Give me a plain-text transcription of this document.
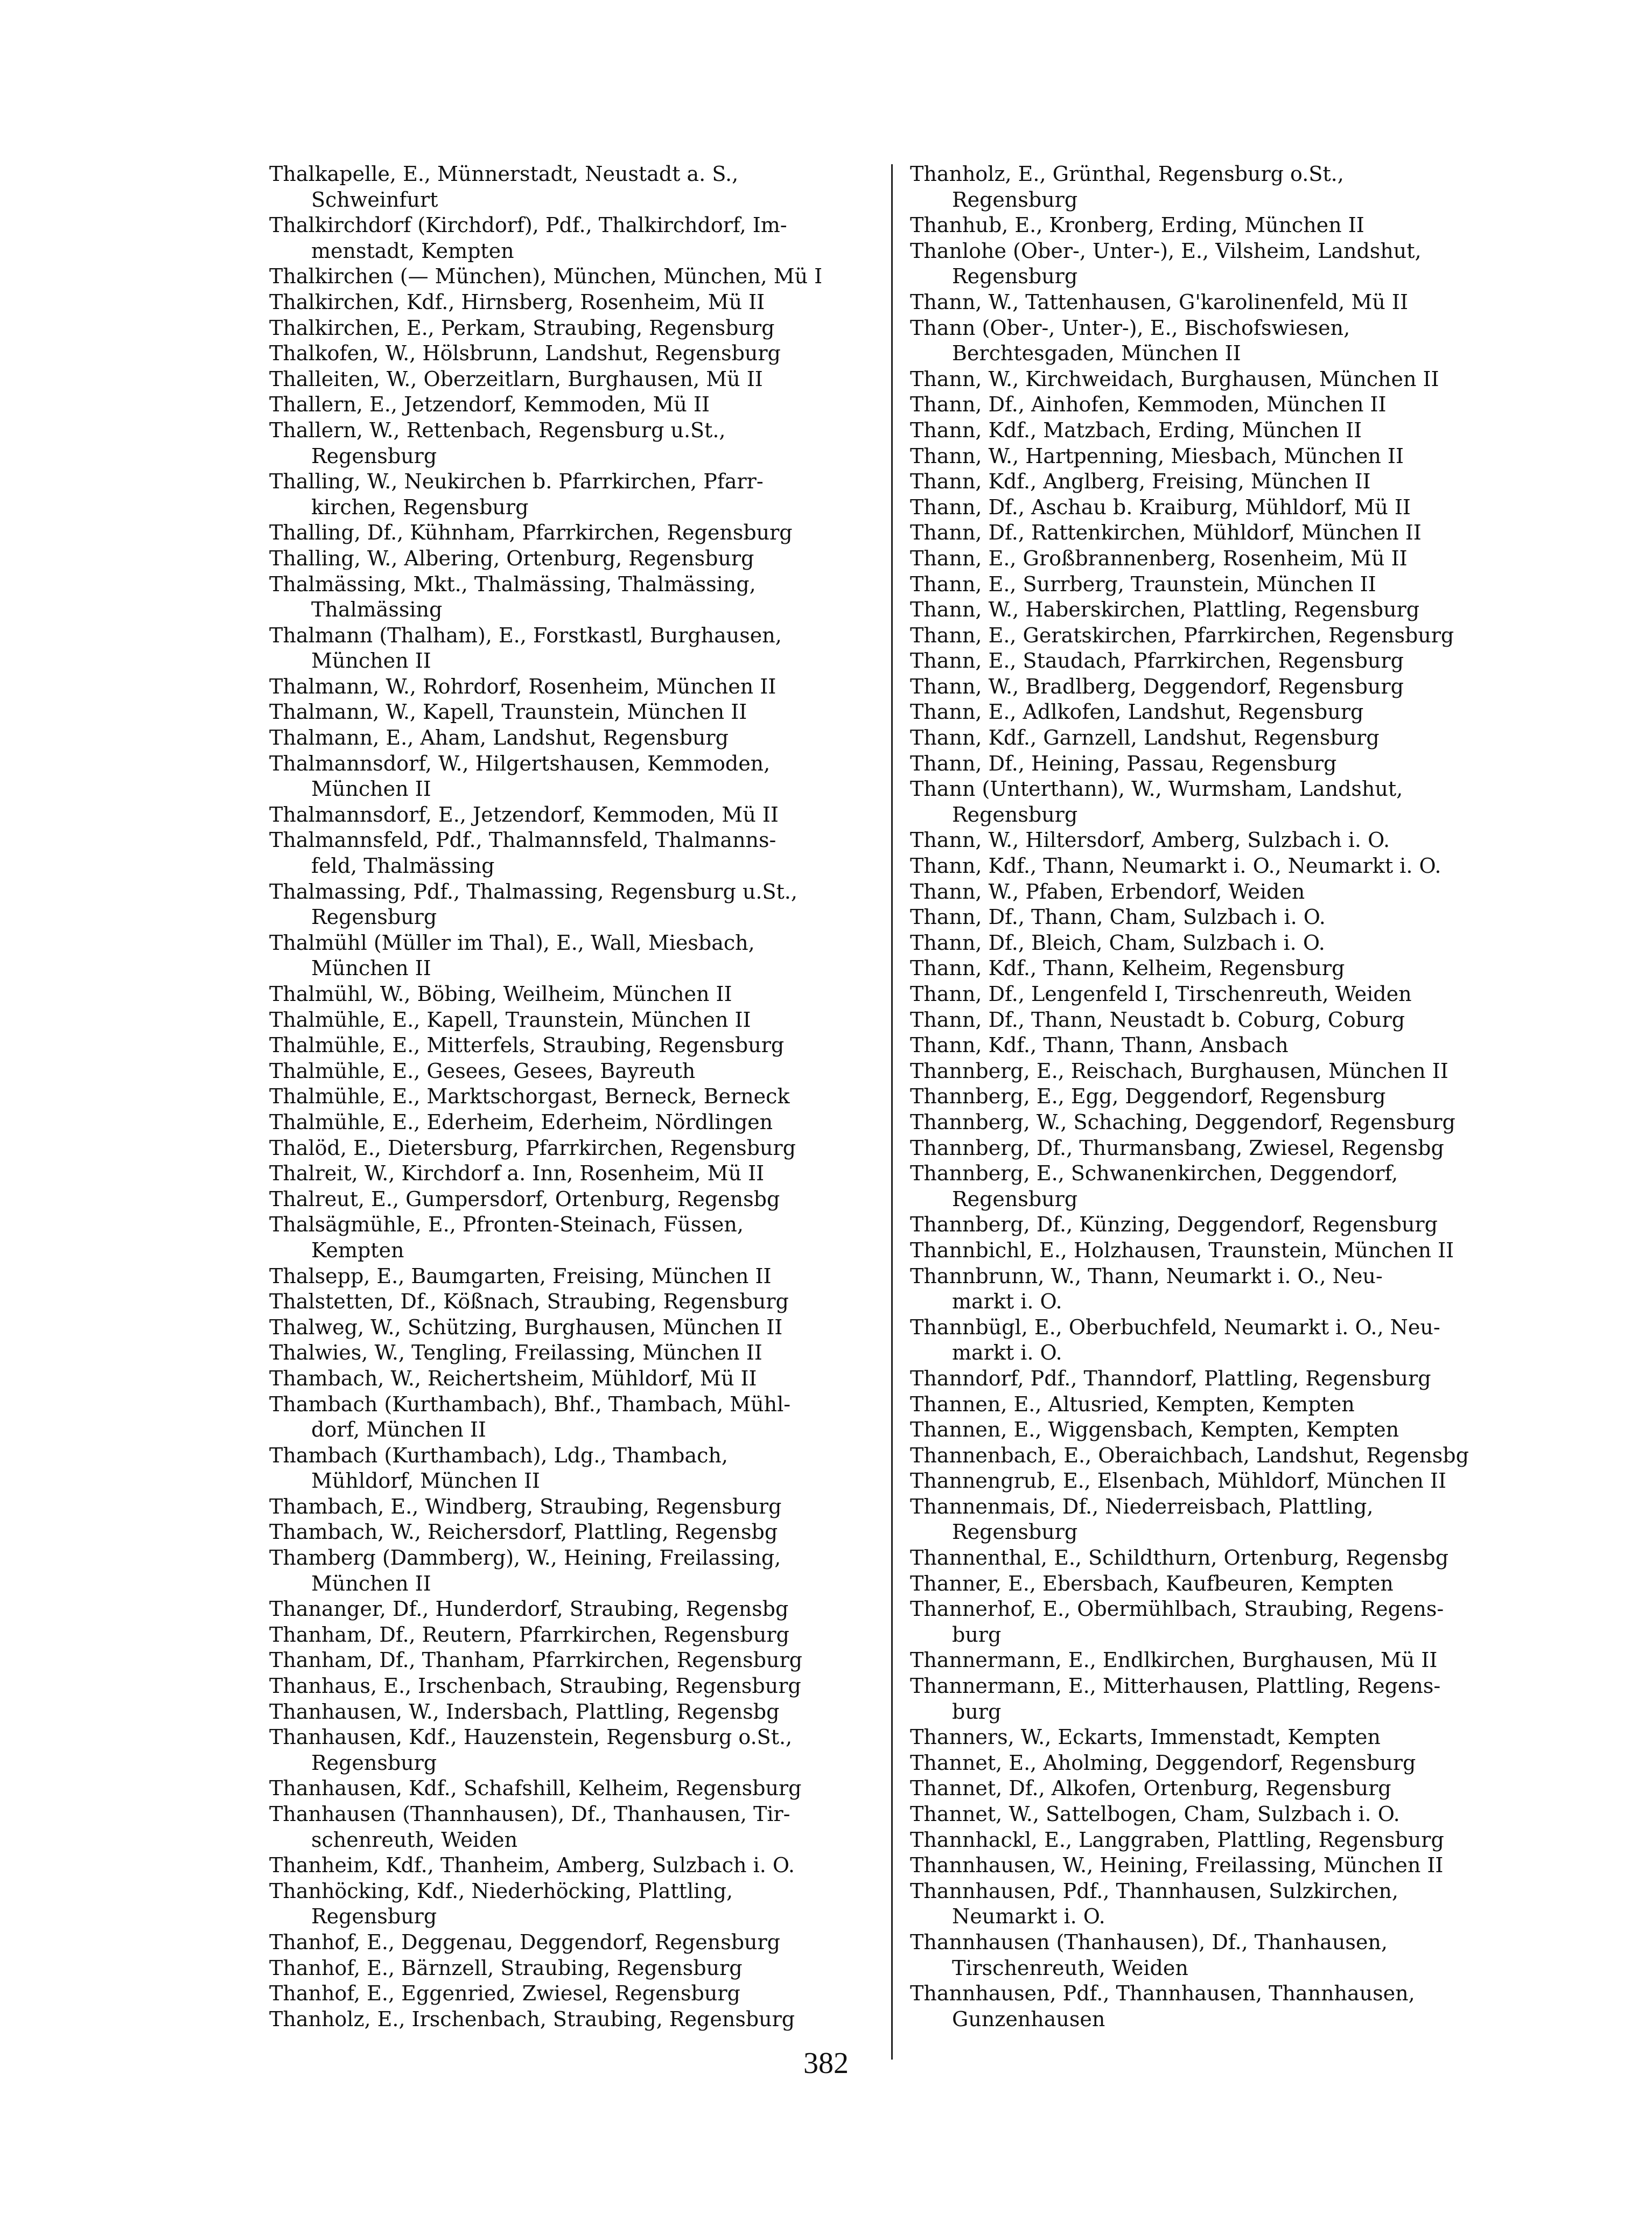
Thalkapelle, E., Münnerstadt, Neustadt a. S.,
Schweinfurt
Thalkirchdorf (Kirchdorf), Pdf., Thalkirchdorf, Im-
menstadt, Kempten
Thalkirchen (— München), München, München, Mü I
Thalkirchen, Kdf., Hirnsberg, Rosenheim, Mü II
Thalkirchen, E., Perkam, Straubing, Regensburg
Thalkofen, W., Hölsbrunn, Landshut, Regensburg
Thalleiten, W., Oberzeitlarn, Burghausen, Mü II
Thallern, E., Jetzendorf, Kemmoden, Mü II
Thallern, W., Rettenbach, Regensburg u.St.,
Regensburg
Thalling, W., Neukirchen b. Pfarrkirchen, Pfarr-
kirchen, Regensburg
Thalling, Df., Kühnham, Pfarrkirchen, Regensburg
Thalling, W., Albering, Ortenburg, Regensburg
Thalmässing, Mkt., Thalmässing, Thalmässing,
Thalmässing
Thalmann (Thalham), E., Forstkastl, Burghausen,
München II
Thalmann, W., Rohrdorf, Rosenheim, München II
Thalmann, W., Kapell, Traunstein, München II
Thalmann, E., Aham, Landshut, Regensburg
Thalmannsdorf, W., Hilgertshausen, Kemmoden,
München II
Thalmannsdorf, E., Jetzendorf, Kemmoden, Mü II
Thalmannsfeld, Pdf., Thalmannsfeld, Thalmanns-
feld, Thalmässing
Thalmassing, Pdf., Thalmassing, Regensburg u.St.,
Regensburg
Thalmühl (Müller im Thal), E., Wall, Miesbach,
München II
Thalmühl, W., Böbing, Weilheim, München II
Thalmühle, E., Kapell, Traunstein, München II
Thalmühle, E., Mitterfels, Straubing, Regensburg
Thalmühle, E., Gesees, Gesees, Bayreuth
Thalmühle, E., Marktschorgast, Berneck, Berneck
Thalmühle, E., Ederheim, Ederheim, Nördlingen
Thalöd, E., Dietersburg, Pfarrkirchen, Regensburg
Thalreit, W., Kirchdorf a. Inn, Rosenheim, Mü II
Thalreut, E., Gumpersdorf, Ortenburg, Regensbg
Thalsägmühle, E., Pfronten-Steinach, Füssen,
Kempten
Thalsepp, E., Baumgarten, Freising, München II
Thalstetten, Df., Kößnach, Straubing, Regensburg
Thalweg, W., Schützing, Burghausen, München II
Thalwies, W., Tengling, Freilassing, München II
Thambach, W., Reichertsheim, Mühldorf, Mü II
Thambach (Kurthambach), Bhf., Thambach, Mühl-
dorf, München II
Thambach (Kurthambach), Ldg., Thambach,
Mühldorf, München II
Thambach, E., Windberg, Straubing, Regensburg
Thambach, W., Reichersdorf, Plattling, Regensbg
Thamberg (Dammberg), W., Heining, Freilassing,
München II
Thananger, Df., Hunderdorf, Straubing, Regensbg
Thanham, Df., Reutern, Pfarrkirchen, Regensburg
Thanham, Df., Thanham, Pfarrkirchen, Regensburg
Thanhaus, E., Irschenbach, Straubing, Regensburg
Thanhausen, W., Indersbach, Plattling, Regensbg
Thanhausen, Kdf., Hauzenstein, Regensburg o.St.,
Regensburg
Thanhausen, Kdf., Schafshill, Kelheim, Regensburg
Thanhausen (Thannhausen), Df., Thanhausen, Tir-
schenreuth, Weiden
Thanheim, Kdf., Thanheim, Amberg, Sulzbach i. O.
Thanhöcking, Kdf., Niederhöcking, Plattling,
Regensburg
Thanhof, E., Deggenau, Deggendorf, Regensburg
Thanhof, E., Bärnzell, Straubing, Regensburg
Thanhof, E., Eggenried, Zwiesel, Regensburg
Thanholz, E., Irschenbach, Straubing, Regensburg
Thanholz, E., Grünthal, Regensburg o.St.,
Regensburg
Thanhub, E., Kronberg, Erding, München II
Thanlohe (Ober-, Unter-), E., Vilsheim, Landshut,
Regensburg
Thann, W., Tattenhausen, G'karolinenfeld, Mü II
Thann (Ober-, Unter-), E., Bischofswiesen,
Berchtesgaden, München II
Thann, W., Kirchweidach, Burghausen, München II
Thann, Df., Ainhofen, Kemmoden, München II
Thann, Kdf., Matzbach, Erding, München II
Thann, W., Hartpenning, Miesbach, München II
Thann, Kdf., Anglberg, Freising, München II
Thann, Df., Aschau b. Kraiburg, Mühldorf, Mü II
Thann, Df., Rattenkirchen, Mühldorf, München II
Thann, E., Großbrannenberg, Rosenheim, Mü II
Thann, E., Surrberg, Traunstein, München II
Thann, W., Haberskirchen, Plattling, Regensburg
Thann, E., Geratskirchen, Pfarrkirchen, Regensburg
Thann, E., Staudach, Pfarrkirchen, Regensburg
Thann, W., Bradlberg, Deggendorf, Regensburg
Thann, E., Adlkofen, Landshut, Regensburg
Thann, Kdf., Garnzell, Landshut, Regensburg
Thann, Df., Heining, Passau, Regensburg
Thann (Unterthann), W., Wurmsham, Landshut,
Regensburg
Thann, W., Hiltersdorf, Amberg, Sulzbach i. O.
Thann, Kdf., Thann, Neumarkt i. O., Neumarkt i. O.
Thann, W., Pfaben, Erbendorf, Weiden
Thann, Df., Thann, Cham, Sulzbach i. O.
Thann, Df., Bleich, Cham, Sulzbach i. O.
Thann, Kdf., Thann, Kelheim, Regensburg
Thann, Df., Lengenfeld I, Tirschenreuth, Weiden
Thann, Df., Thann, Neustadt b. Coburg, Coburg
Thann, Kdf., Thann, Thann, Ansbach
Thannberg, E., Reischach, Burghausen, München II
Thannberg, E., Egg, Deggendorf, Regensburg
Thannberg, W., Schaching, Deggendorf, Regensburg
Thannberg, Df., Thurmansbang, Zwiesel, Regensbg
Thannberg, E., Schwanenkirchen, Deggendorf,
Regensburg
Thannberg, Df., Künzing, Deggendorf, Regensburg
Thannbichl, E., Holzhausen, Traunstein, München II
Thannbrunn, W., Thann, Neumarkt i. O., Neu-
markt i. O.
Thannbügl, E., Oberbuchfeld, Neumarkt i. O., Neu-
markt i. O.
Thanndorf, Pdf., Thanndorf, Plattling, Regensburg
Thannen, E., Altusried, Kempten, Kempten
Thannen, E., Wiggensbach, Kempten, Kempten
Thannenbach, E., Oberaichbach, Landshut, Regensbg
Thannengrub, E., Elsenbach, Mühldorf, München II
Thannenmais, Df., Niederreisbach, Plattling,
Regensburg
Thannenthal, E., Schildthurn, Ortenburg, Regensbg
Thanner, E., Ebersbach, Kaufbeuren, Kempten
Thannerhof, E., Obermühlbach, Straubing, Regens-
burg
Thannermann, E., Endlkirchen, Burghausen, Mü II
Thannermann, E., Mitterhausen, Plattling, Regens-
burg
Thanners, W., Eckarts, Immenstadt, Kempten
Thannet, E., Aholming, Deggendorf, Regensburg
Thannet, Df., Alkofen, Ortenburg, Regensburg
Thannet, W., Sattelbogen, Cham, Sulzbach i. O.
Thannhackl, E., Langgraben, Plattling, Regensburg
Thannhausen, W., Heining, Freilassing, München II
Thannhausen, Pdf., Thannhausen, Sulzkirchen,
Neumarkt i. O.
Thannhausen (Thanhausen), Df., Thanhausen,
Tirschenreuth, Weiden
Thannhausen, Pdf., Thannhausen, Thannhausen,
Gunzenhausen
382
